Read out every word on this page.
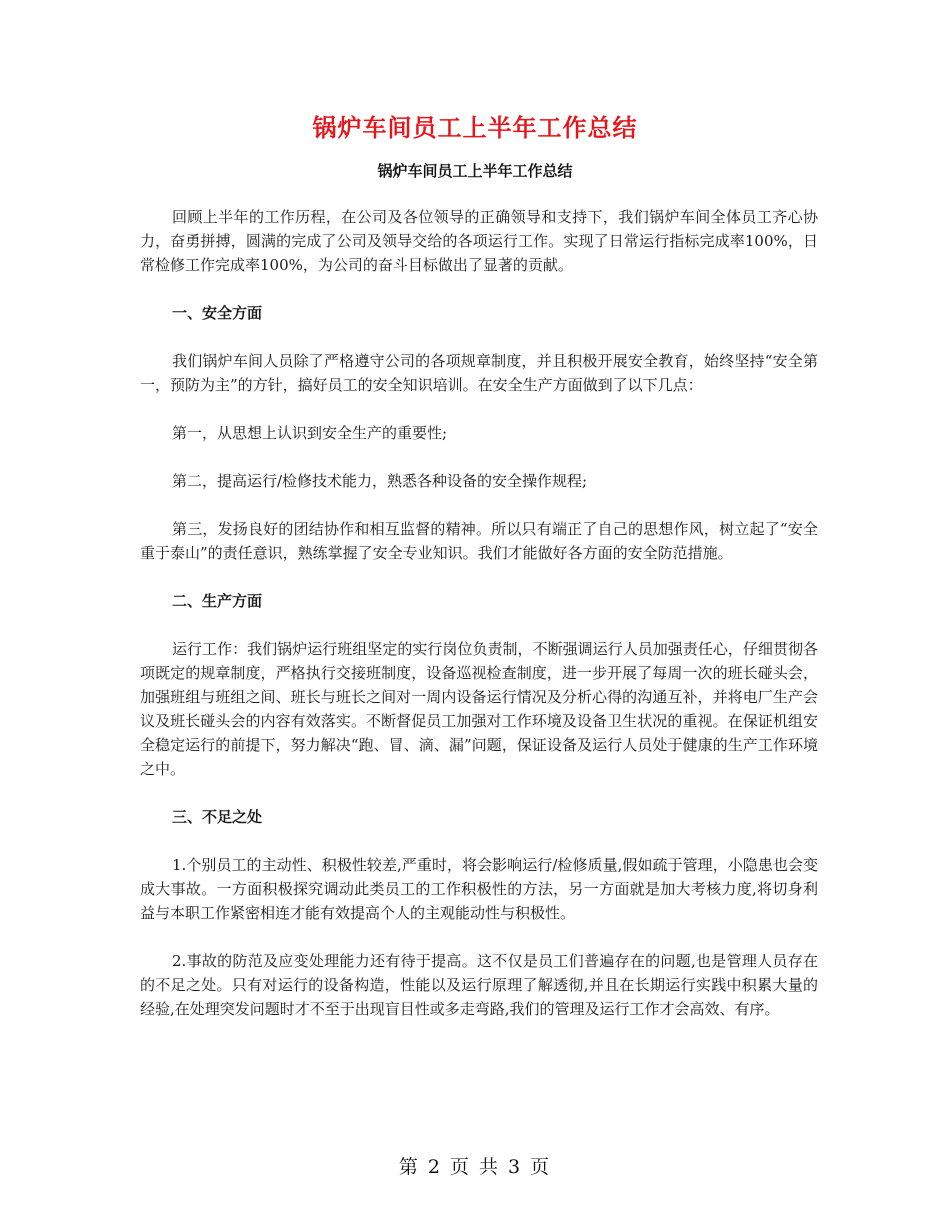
锅炉车间员工上半年工作总结
锅炉车间员工上半年工作总结

回顾上半年的工作历程，在公司及各位领导的正确领导和支持下，我们锅炉车间全体员工齐心协力，奋勇拼搏，圆满的完成了公司及领导交给的各项运行工作。实现了日常运行指标完成率100%，日常检修工作完成率100%，为公司的奋斗目标做出了显著的贡献。

一、安全方面

我们锅炉车间人员除了严格遵守公司的各项规章制度，并且积极开展安全教育，始终坚持“安全第一，预防为主”的方针，搞好员工的安全知识培训。在安全生产方面做到了以下几点：

第一，从思想上认识到安全生产的重要性;

第二，提高运行/检修技术能力，熟悉各种设备的安全操作规程;

第三，发扬良好的团结协作和相互监督的精神。所以只有端正了自己的思想作风，树立起了“安全重于泰山”的责任意识，熟练掌握了安全专业知识。我们才能做好各方面的安全防范措施。

二、生产方面

运行工作：我们锅炉运行班组坚定的实行岗位负责制，不断强调运行人员加强责任心，仔细贯彻各项既定的规章制度，严格执行交接班制度，设备巡视检查制度，进一步开展了每周一次的班长碰头会，加强班组与班组之间、班长与班长之间对一周内设备运行情况及分析心得的沟通互补，并将电厂生产会议及班长碰头会的内容有效落实。不断督促员工加强对工作环境及设备卫生状况的重视。在保证机组安全稳定运行的前提下，努力解决“跑、冒、滴、漏”问题，保证设备及运行人员处于健康的生产工作环境之中。

三、不足之处

1.个别员工的主动性、积极性较差,严重时，将会影响运行/检修质量,假如疏于管理，小隐患也会变成大事故。一方面积极探究调动此类员工的工作积极性的方法，另一方面就是加大考核力度,将切身利益与本职工作紧密相连才能有效提高个人的主观能动性与积极性。

2.事故的防范及应变处理能力还有待于提高。这不仅是员工们普遍存在的问题,也是管理人员存在的不足之处。只有对运行的设备构造，性能以及运行原理了解透彻,并且在长期运行实践中积累大量的经验,在处理突发问题时才不至于出现盲目性或多走弯路,我们的管理及运行工作才会高效、有序。

第 2 页 共 3 页
